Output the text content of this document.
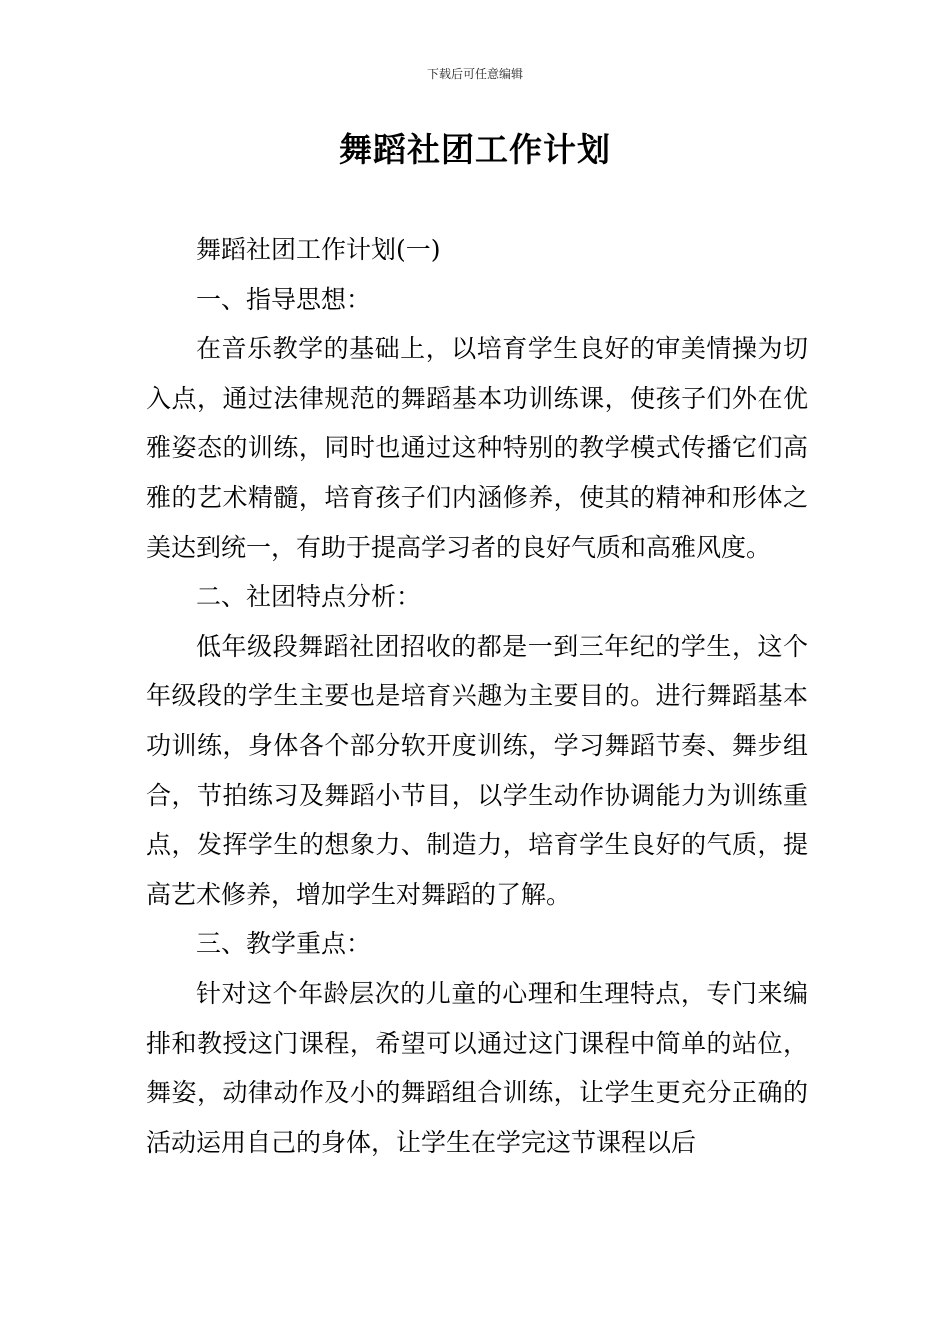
下载后可任意编辑
舞蹈社团工作计划

舞蹈社团工作计划(一)

一、指导思想：

在音乐教学的基础上，以培育学生良好的审美情操为切入点，通过法律规范的舞蹈基本功训练课，使孩子们外在优雅姿态的训练，同时也通过这种特别的教学模式传播它们高雅的艺术精髓，培育孩子们内涵修养，使其的精神和形体之美达到统一，有助于提高学习者的良好气质和高雅风度。

二、社团特点分析：

低年级段舞蹈社团招收的都是一到三年纪的学生，这个年级段的学生主要也是培育兴趣为主要目的。进行舞蹈基本功训练，身体各个部分软开度训练，学习舞蹈节奏、舞步组合，节拍练习及舞蹈小节目，以学生动作协调能力为训练重点，发挥学生的想象力、制造力，培育学生良好的气质，提高艺术修养，增加学生对舞蹈的了解。

三、教学重点：

针对这个年龄层次的儿童的心理和生理特点，专门来编排和教授这门课程，希望可以通过这门课程中简单的站位，舞姿，动律动作及小的舞蹈组合训练，让学生更充分正确的活动运用自己的身体，让学生在学完这节课程以后
